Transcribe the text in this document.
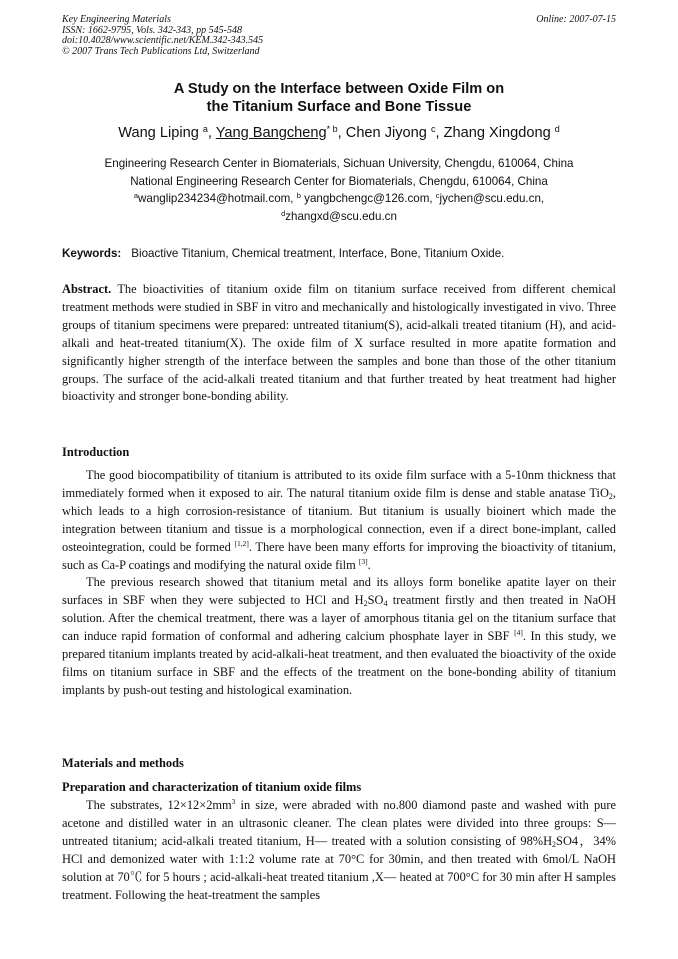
Key Engineering Materials
ISSN: 1662-9795, Vols. 342-343, pp 545-548
doi:10.4028/www.scientific.net/KEM.342-343.545
© 2007 Trans Tech Publications Ltd, Switzerland
Online: 2007-07-15
A Study on the Interface between Oxide Film on
the Titanium Surface and Bone Tissue
Wang Liping $^a$, Yang Bangcheng$^{* b}$, Chen Jiyong $^c$, Zhang Xingdong $^d$
Engineering Research Center in Biomaterials, Sichuan University, Chengdu, 610064, China
National Engineering Research Center for Biomaterials, Chengdu, 610064, China
$^a$wanglip234234@hotmail.com, $^b$ yangbchengc@126.com, $^c$jychen@scu.edu.cn,
$^d$zhangxd@scu.edu.cn
Keywords: Bioactive Titanium, Chemical treatment, Interface, Bone, Titanium Oxide.

Abstract. The bioactivities of titanium oxide film on titanium surface received from different chemical treatment methods were studied in SBF in vitro and mechanically and histologically investigated in vivo. Three groups of titanium specimens were prepared: untreated titanium(S), acid-alkali treated titanium (H), and acid-alkali and heat-treated titanium(X). The oxide film of X surface resulted in more apatite formation and significantly higher strength of the interface between the samples and bone than those of the other titanium groups. The surface of the acid-alkali treated titanium and that further treated by heat treatment had higher bioactivity and stronger bone-bonding ability.

Introduction

The good biocompatibility of titanium is attributed to its oxide film surface with a 5-10nm thickness that immediately formed when it exposed to air. The natural titanium oxide film is dense and stable anatase TiO$_2$, which leads to a high corrosion-resistance of titanium. But titanium is usually bioinert which made the integration between titanium and tissue is a morphological connection, even if a direct bone-implant, called osteointegration, could be formed [1,2]. There have been many efforts for improving the bioactivity of titanium, such as Ca-P coatings and modifying the natural oxide film [3].

The previous research showed that titanium metal and its alloys form bonelike apatite layer on their surfaces in SBF when they were subjected to HCl and $H_2SO_4$ treatment firstly and then treated in NaOH solution. After the chemical treatment, there was a layer of amorphous titania gel on the titanium surface that can induce rapid formation of conformal and adhering calcium phosphate layer in SBF [4]. In this study, we prepared titanium implants treated by acid-alkali-heat treatment, and then evaluated the bioactivity of the oxide films on titanium surface in SBF and the effects of the treatment on the bone-bonding ability of titanium implants by push-out testing and histological examination.

Materials and methods
Preparation and characterization of titanium oxide films

The substrates, $12\times 12\times 2mm^3$ in size, were abraded with no.800 diamond paste and washed with pure acetone and distilled water in an ultrasonic cleaner. The clean plates were divided into three groups: S— untreated titanium; acid-alkali treated titanium, H— treated with a solution consisting of $98\%H_2SO4$，34% HCl and demonized water with 1:1:2 volume rate at 70°C for 30min, and then treated with 6mol/L NaOH solution at 70℃ for 5 hours ; acid-alkali-heat treated titanium ,X— heated at 700°C for 30 min after H samples treatment. Following the heat-treatment the samples
